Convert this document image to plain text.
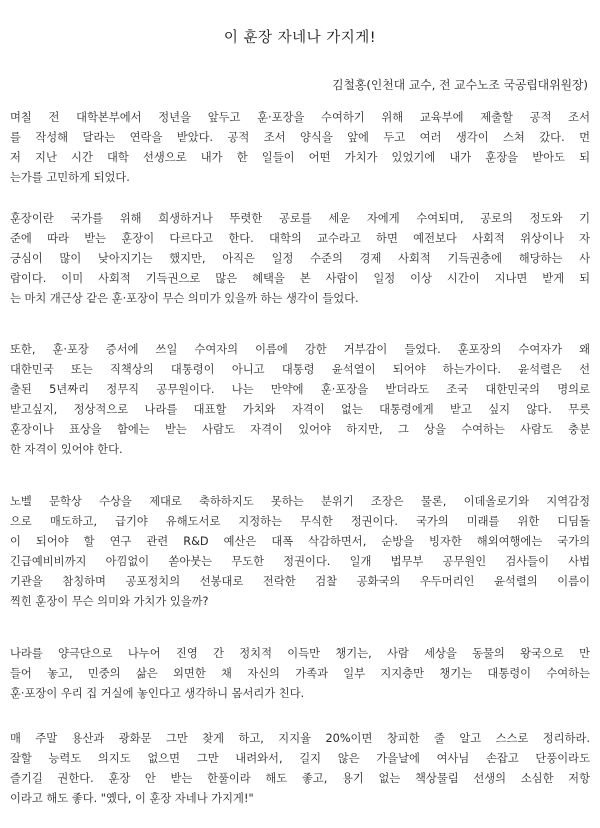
이 훈장 자네나 가지게!
김철홍(인천대 교수, 전 교수노조 국공립대위원장)
며칠 전 대학본부에서 정년을 앞두고 훈·포장을 수여하기 위해 교육부에 제출할 공적 조서
를 작성해 달라는 연락을 받았다. 공적 조서 양식을 앞에 두고 여러 생각이 스쳐 갔다. 먼
저 지난 시간 대학 선생으로 내가 한 일들이 어떤 가치가 있었기에 내가 훈장을 받아도 되
는가를 고민하게 되었다.
훈장이란 국가를 위해 희생하거나 뚜렷한 공로를 세운 자에게 수여되며, 공로의 정도와 기
준에 따라 받는 훈장이 다르다고 한다. 대학의 교수라고 하면 예전보다 사회적 위상이나 자
긍심이 많이 낮아지기는 했지만, 아직은 일정 수준의 경제 사회적 기득권층에 해당하는 사
람이다. 이미 사회적 기득권으로 많은 혜택을 본 사람이 일정 이상 시간이 지나면 받게 되
는 마치 개근상 같은 훈·포장이 무슨 의미가 있을까 하는 생각이 들었다.
또한, 훈·포장 증서에 쓰일 수여자의 이름에 강한 거부감이 들었다. 훈포장의 수여자가 왜
대한민국 또는 직책상의 대통령이 아니고 대통령 윤석열이 되어야 하는가이다. 윤석렬은 선
출된 5년짜리 정무직 공무원이다. 나는 만약에 훈·포장을 받더라도 조국 대한민국의 명의로
받고싶지, 정상적으로 나라를 대표할 가치와 자격이 없는 대통령에게 받고 싶지 않다. 무릇
훈장이나 표상을 함에는 받는 사람도 자격이 있어야 하지만, 그 상을 수여하는 사람도 충분
한 자격이 있어야 한다.
노벨 문학상 수상을 제대로 축하하지도 못하는 분위기 조장은 물론, 이데올로기와 지역감정
으로 매도하고, 급기야 유해도서로 지정하는 무식한 정권이다. 국가의 미래를 위한 디딤돌
이 되어야 할 연구 관련 R&D 예산은 대폭 삭감하면서, 순방을 빙자한 해외여행에는 국가의
긴급예비비까지 아낌없이 쏟아붓는 무도한 정권이다. 일개 법무부 공무원인 검사들이 사법
기관을 참칭하며 공포정치의 선봉대로 전락한 검찰 공화국의 우두머리인 윤석렬의 이름이
찍힌 훈장이 무슨 의미와 가치가 있을까?
나라를 양극단으로 나누어 진영 간 정치적 이득만 챙기는, 사람 세상을 동물의 왕국으로 만
들어 놓고, 민중의 삶은 외면한 채 자신의 가족과 일부 지지층만 챙기는 대통령이 수여하는
훈·포장이 우리 집 거실에 놓인다고 생각하니 몸서리가 친다.
매 주말 용산과 광화문 그만 찾게 하고, 지지율 20%이면 창피한 줄 알고 스스로 정리하라.
잘할 능력도 의지도 없으면 그만 내려와서, 길지 않은 가을날에 여사님 손잡고 단풍이라도
즐기길 권한다. 훈장 안 받는 한풀이라 해도 좋고, 용기 없는 책상물림 선생의 소심한 저항
이라고 해도 좋다. "옜다, 이 훈장 자네나 가지게!"
